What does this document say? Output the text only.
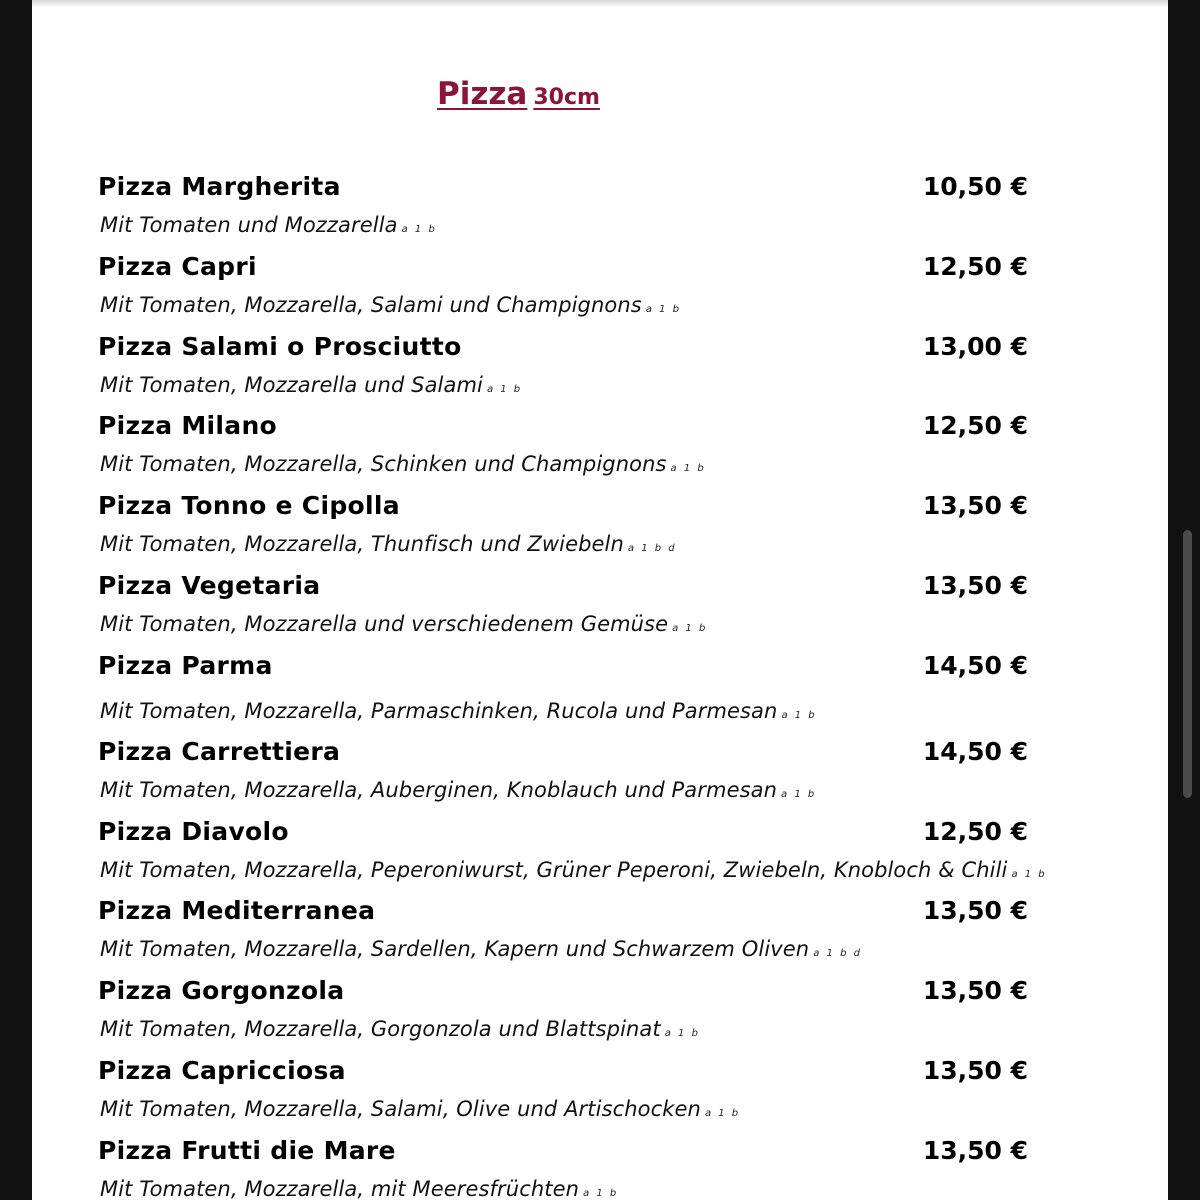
Pizza 30cm
Pizza Margherita	10,50 €
Mit Tomaten und Mozzarella a 1 b
Pizza Capri	12,50 €
Mit Tomaten, Mozzarella, Salami und Champignons a 1 b
Pizza Salami o Prosciutto	13,00 €
Mit Tomaten, Mozzarella und Salami a 1 b
Pizza Milano	12,50 €
Mit Tomaten, Mozzarella, Schinken und Champignons a 1 b
Pizza Tonno e Cipolla	13,50 €
Mit Tomaten, Mozzarella, Thunfisch und Zwiebeln a 1 b d
Pizza Vegetaria	13,50 €
Mit Tomaten, Mozzarella und verschiedenem Gemüse a 1 b
Pizza Parma	14,50 €
Mit Tomaten, Mozzarella, Parmaschinken, Rucola und Parmesan a 1 b
Pizza Carrettiera	14,50 €
Mit Tomaten, Mozzarella, Auberginen, Knoblauch und Parmesan a 1 b
Pizza Diavolo	12,50 €
Mit Tomaten, Mozzarella, Peperoniwurst, Grüner Peperoni, Zwiebeln, Knobloch & Chili a 1 b
Pizza Mediterranea	13,50 €
Mit Tomaten, Mozzarella, Sardellen, Kapern und Schwarzem Oliven a 1 b d
Pizza Gorgonzola	13,50 €
Mit Tomaten, Mozzarella, Gorgonzola und Blattspinat a 1 b
Pizza Capricciosa	13,50 €
Mit Tomaten, Mozzarella, Salami, Olive und Artischocken a 1 b
Pizza Frutti die Mare	13,50 €
Mit Tomaten, Mozzarella, mit Meeresfrüchten a 1 b
